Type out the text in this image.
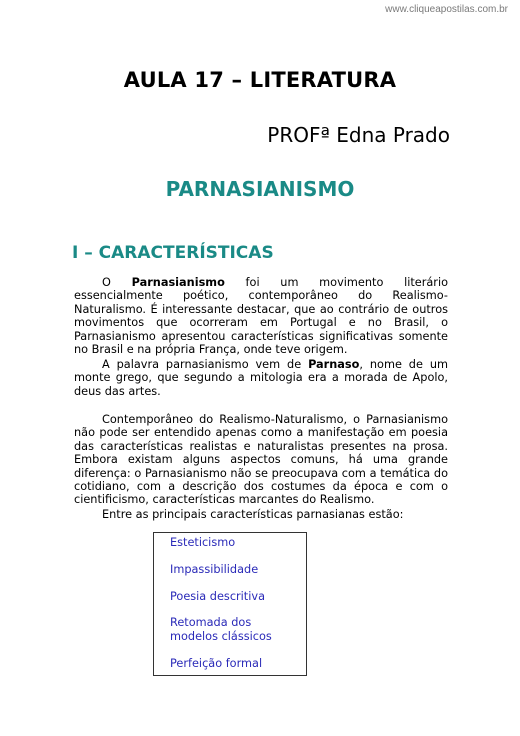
www.cliqueapostilas.com.br
AULA 17 – LITERATURA
PROFª Edna Prado
PARNASIANISMO
I – CARACTERÍSTICAS

O Parnasianismo foi um movimento literário essencialmente poético, contemporâneo do Realismo-Naturalismo. É interessante destacar, que ao contrário de outros movimentos que ocorreram em Portugal e no Brasil, o Parnasianismo apresentou características significativas somente no Brasil e na própria França, onde teve origem.

A palavra parnasianismo vem de Parnaso, nome de um monte grego, que segundo a mitologia era a morada de Apolo, deus das artes.

Contemporâneo do Realismo-Naturalismo, o Parnasianismo não pode ser entendido apenas como a manifestação em poesia das características realistas e naturalistas presentes na prosa. Embora existam alguns aspectos comuns, há uma grande diferença: o Parnasianismo não se preocupava com a temática do cotidiano, com a descrição dos costumes da época e com o cientificismo, características marcantes do Realismo.

Entre as principais características parnasianas estão:

Esteticismo
Impassibilidade
Poesia descritiva
Retomada dos modelos clássicos
Perfeição formal
